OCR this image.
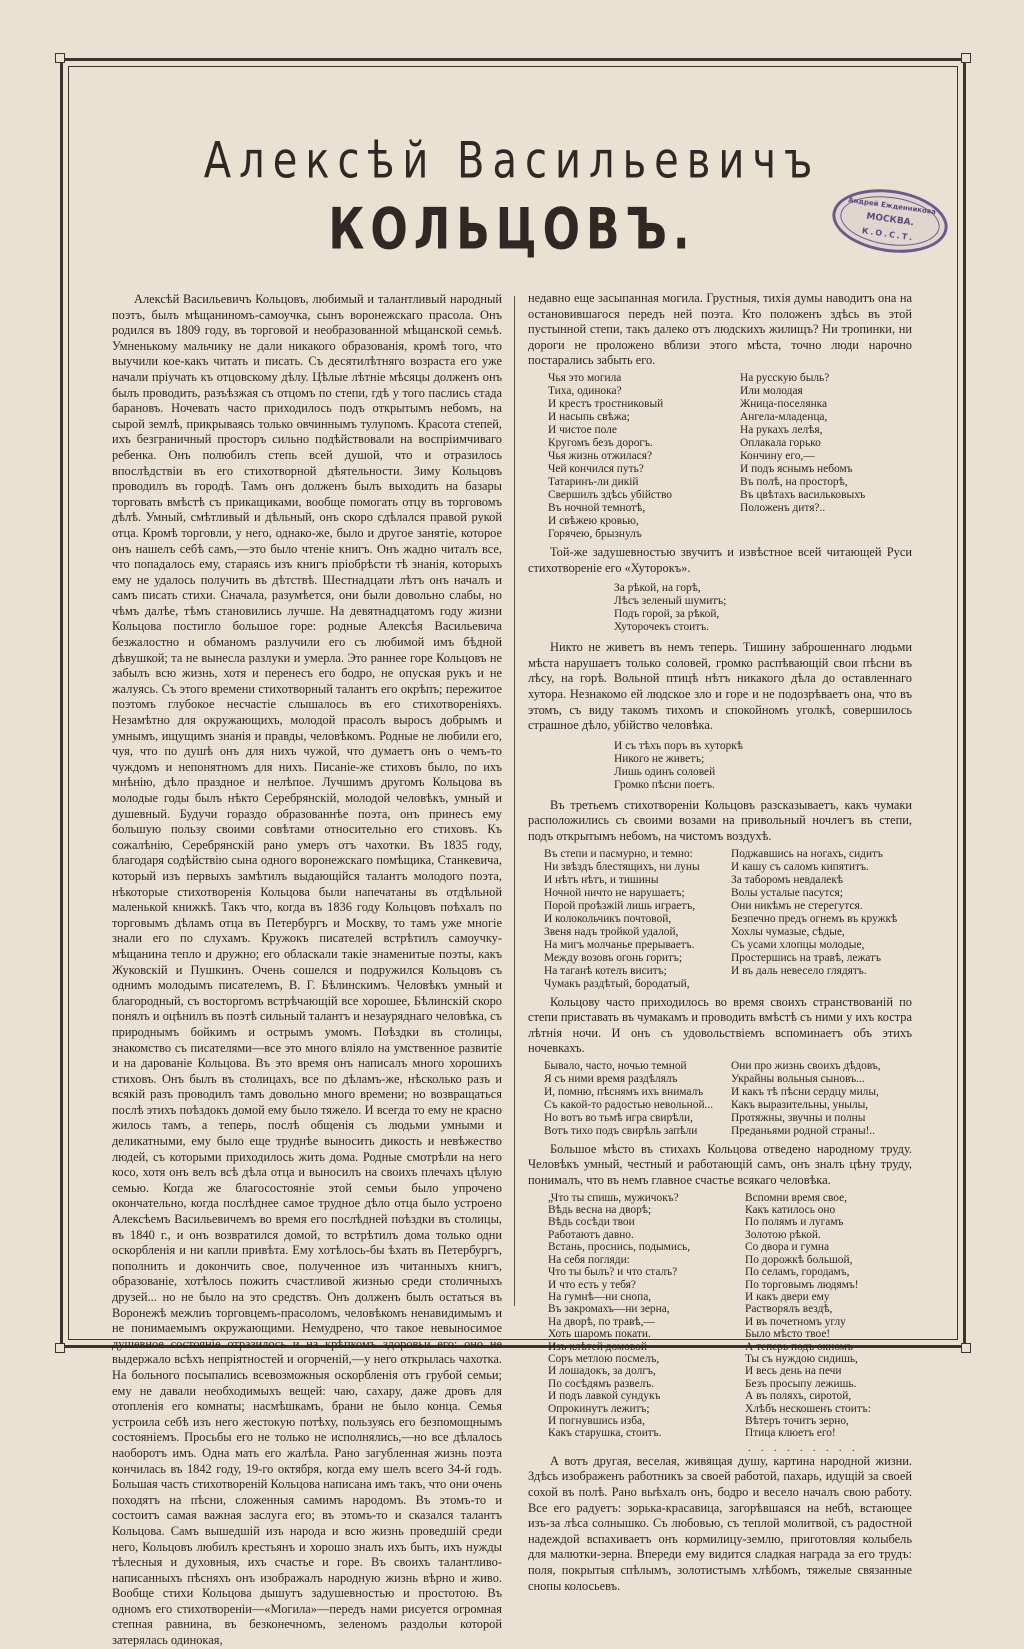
Алексѣй Васильевичъ
КОЛЬЦОВЪ.	Андрей Ежденникова
МОСКВА.
К.О.С.Т.

Алексѣй Васильевичъ Кольцовъ, любимый и талантливый народный поэтъ, былъ мѣщаниномъ-самоучка, сынъ воронежскаго прасола. Онъ родился въ 1809 году, въ торговой и необразованной мѣщанской семьѣ. Умненькому мальчику не дали никакого образованія, кромѣ того, что выучили кое-какъ читать и писать. Съ десятилѣтняго возраста его уже начали пріучать къ отцовскому дѣлу. Цѣлые лѣтніе мѣсяцы долженъ онъ былъ проводить, разъѣзжая съ отцомъ по степи, гдѣ у того паслись стада барановъ. Ночевать часто приходилось подъ открытымъ небомъ, на сырой землѣ, прикрываясь только овчиннымъ тулупомъ. Красота степей, ихъ безграничный просторъ сильно подѣйствовали на воспріимчиваго ребенка. Онъ полюбилъ степь всей душой, что и отразилось впослѣдствіи въ его стихотворной дѣятельности. Зиму Кольцовъ проводилъ въ городѣ. Тамъ онъ долженъ былъ выходить на базары торговать вмѣстѣ съ прикащиками, вообще помогать отцу въ торговомъ дѣлѣ. Умный, смѣтливый и дѣльный, онъ скоро сдѣлался правой рукой отца. Кромѣ торговли, у него, однако-же, было и другое занятіе, которое онъ нашелъ себѣ самъ,—это было чтеніе книгъ. Онъ жадно читалъ все, что попадалось ему, стараясь изъ книгъ пріобрѣсти тѣ знанія, которыхъ ему не удалось получить въ дѣтствѣ. Шестнадцати лѣтъ онъ началъ и самъ писать стихи. Сначала, разумѣется, они были довольно слабы, но чѣмъ далѣе, тѣмъ становились лучше. На девятнадцатомъ году жизни Кольцова постигло большое горе: родные Алексѣя Васильевича безжалостно и обманомъ разлучили его съ любимой имъ бѣдной дѣвушкой; та не вынесла разлуки и умерла. Это раннее горе Кольцовъ не забылъ всю жизнь, хотя и перенесъ его бодро, не опуская рукъ и не жалуясь. Съ этого времени стихотворный талантъ его окрѣпъ; пережитое поэтомъ глубокое несчастіе слышалось въ его стихотвореніяхъ. Незамѣтно для окружающихъ, молодой прасолъ выросъ добрымъ и умнымъ, ищущимъ знанія и правды, человѣкомъ. Родные не любили его, чуя, что по душѣ онъ для нихъ чужой, что думаетъ онъ о чемъ-то чуждомъ и непонятномъ для нихъ. Писаніе-же стиховъ было, по ихъ мнѣнію, дѣло праздное и нелѣпое. Лучшимъ другомъ Кольцова въ молодые годы былъ нѣкто Серебрянскій, молодой человѣкъ, умный и душевный. Будучи гораздо образованнѣе поэта, онъ принесъ ему большую пользу своими совѣтами относительно его стиховъ. Къ сожалѣнію, Серебрянскій рано умеръ отъ чахотки. Въ 1835 году, благодаря содѣйствію сына одного воронежскаго помѣщика, Станкевича, который изъ первыхъ замѣтилъ выдающійся талантъ молодого поэта, нѣкоторые стихотворенія Кольцова были напечатаны въ отдѣльной маленькой книжкѣ. Такъ что, когда въ 1836 году Кольцовъ поѣхалъ по торговымъ дѣламъ отца въ Петербургъ и Москву, то тамъ уже многіе знали его по слухамъ. Кружокъ писателей встрѣтилъ самоучку-мѣщанина тепло и дружно; его обласкали такіе знаменитые поэты, какъ Жуковскій и Пушкинъ. Очень сошелся и подружился Кольцовъ съ однимъ молодымъ писателемъ, В. Г. Бѣлинскимъ. Человѣкъ умный и благородный, съ восторгомъ встрѣчающій все хорошее, Бѣлинскій скоро понялъ и оцѣнилъ въ поэтѣ сильный талантъ и незауряднаго человѣка, съ природнымъ бойкимъ и острымъ умомъ. Поѣздки въ столицы, знакомство съ писателями—все это много вліяло на умственное развитіе и на дарованіе Кольцова. Въ это время онъ написалъ много хорошихъ стиховъ. Онъ былъ въ столицахъ, все по дѣламъ-же, нѣсколько разъ и всякій разъ проводилъ тамъ довольно много времени; но возвращаться послѣ этихъ поѣздокъ домой ему было тяжело. И всегда то ему не красно жилось тамъ, а теперь, послѣ общенія съ людьми умными и деликатными, ему было еще труднѣе выносить дикость и невѣжество людей, съ которыми приходилось жить дома. Родные смотрѣли на него косо, хотя онъ велъ всѣ дѣла отца и выносилъ на своихъ плечахъ цѣлую семью. Когда же благосостояніе этой семьи было упрочено окончательно, когда послѣднее самое трудное дѣло отца было устроено Алексѣемъ Васильевичемъ во время его послѣдней поѣздки въ столицы, въ 1840 г., и онъ возвратился домой, то встрѣтилъ дома только одни оскорбленія и ни капли привѣта. Ему хотѣлось-бы ѣхать въ Петербургъ, пополнить и докончить свое, полученное изъ читанныхъ книгъ, образованіе, хотѣлось пожить счастливой жизнью среди столичныхъ друзей... но не было на это средствъ. Онъ долженъ былъ остаться въ Воронежѣ межлиъ торговцемъ-прасоломъ, человѣкомъ ненавидимымъ и не понимаемымъ окружающими. Немудрено, что такое невыносимое душевное состояніе отразилось и на крѣпкомъ здоровьи его: оно не выдержало всѣхъ непріятностей и огорченій,—у него открылась чахотка. На больного посыпались всевозможныя оскорбленія отъ грубой семьи; ему не давали необходимыхъ вещей: чаю, сахару, даже дровъ для отопленія его комнаты; насмѣшкамъ, брани не было конца. Семья устроила себѣ изъ него жестокую потѣху, пользуясь его безпомощнымъ состояніемъ. Просьбы его не только не исполнялись,—но все дѣлалось наоборотъ имъ. Одна мать его жалѣла. Рано загубленная жизнь поэта кончилась въ 1842 году, 19-го октября, когда ему шелъ всего 34-й годъ. Большая часть стихотвореній Кольцова написана имъ такъ, что они очень походятъ на пѣсни, сложенныя самимъ народомъ. Въ этомъ-то и состоитъ самая важная заслуга его; въ этомъ-то и сказался талантъ Кольцова. Самъ вышедшій изъ народа и всю жизнь проведшій среди него, Кольцовъ любилъ крестьянъ и хорошо зналъ ихъ быть, ихъ нужды тѣлесныя и духовныя, ихъ счастье и горе. Въ своихъ талантливо-написанныхъ пѣсняхъ онъ изображалъ народную жизнь вѣрно и живо. Вообще стихи Кольцова дышутъ задушевностью и простотою. Въ одномъ его стихотвореніи—«Могила»—передъ нами рисуется огромная степная равнина, въ безконечномъ, зеленомъ раздольи которой затерялась одинокая,

недавно еще засыпанная могила. Грустныя, тихія думы наводитъ она на остановившагося передъ ней поэта. Кто положенъ здѣсь въ этой пустынной степи, такъ далеко отъ людскихъ жилищъ? Ни тропинки, ни дороги не проложено вблизи этого мѣста, точно люди нарочно постарались забыть его.

Чья это могила
Тиха, одинока?
И крестъ тростниковый
И насыпь свѣжа;
И чистое поле
Кругомъ безъ дорогъ.
Чья жизнь отжилася?
Чей кончился путь?
Татаринъ-ли дикій
Свершилъ здѣсь убійство
Въ ночной темнотѣ,
И свѣжею кровью,
Горячею, брызнулъ
На русскую быль?
Или молодая
Жница-поселянка
Ангела-младенца,
На рукахъ лелѣя,
Оплакала горько
Кончину его,—
И подъ яснымъ небомъ
Въ полѣ, на просторѣ,
Въ цвѣтахъ васильковыхъ
Положенъ дитя?..

Той-же задушевностью звучитъ и извѣстное всей читающей Руси стихотвореніе его «Хуторокъ».

За рѣкой, на горѣ,
Лѣсъ зеленый шумитъ;
Подъ горой, за рѣкой,
Хуторочекъ стоитъ.

Никто не живетъ въ немъ теперь. Тишину заброшеннаго людьми мѣста нарушаетъ только соловей, громко распѣвающій свои пѣсни въ лѣсу, на горѣ. Вольной птицѣ нѣтъ никакого дѣла до оставленнаго хутора. Незнакомо ей людское зло и горе и не подозрѣваетъ она, что въ этомъ, съ виду такомъ тихомъ и спокойномъ уголкѣ, совершилось страшное дѣло, убійство человѣка.

И съ тѣхъ поръ въ хуторкѣ
Никого не живетъ;
Лишь одинъ соловей
Громко пѣсни поетъ.

Въ третьемъ стихотвореніи Кольцовъ разсказываетъ, какъ чумаки расположились съ своими возами на привольный ночлегъ въ степи, подъ открытымъ небомъ, на чистомъ воздухѣ.

Въ степи и пасмурно, и темно:
Ни звѣздъ блестящихъ, ни луны
И нѣтъ нѣтъ, и тишины
Ночной ничто не нарушаетъ;
Порой проѣзжій лишь играетъ,
И колокольчикъ почтовой,
Звеня надъ тройкой удалой,
На мигъ молчанье прерываетъ.
Между возовъ огонь горитъ;
На таганѣ котелъ виситъ;
Чумакъ раздѣтый, бородатый,
Поджавшись на ногахъ, сидитъ
И кашу съ саломъ кипятитъ.
За таборомъ невдалекѣ
Волы усталые пасутся;
Они никѣмъ не стерегутся.
Безпечно предъ огнемъ въ кружкѣ
Хохлы чумазые, сѣдые,
Съ усами хлопцы молодые,
Простершись на травѣ, лежатъ
И въ даль невесело глядятъ.

Кольцову часто приходилось во время своихъ странствованій по степи приставать въ чумакамъ и проводить вмѣстѣ съ ними у ихъ костра лѣтнія ночи. И онъ съ удовольствіемъ вспоминаетъ объ этихъ ночевкахъ.

Бывало, часто, ночью темной
Я съ ними время раздѣлялъ
И, помню, пѣснямъ ихъ внималъ
Съ какой-то радостью невольной...
Но вотъ во тьмѣ игра свирѣли,
Вотъ тихо подъ свирѣль запѣли
Они про жизнь своихъ дѣдовъ,
Украйны вольныя сыновъ...
И какъ тѣ пѣсни сердцу милы,
Какъ выразительны, унылы,
Протяжны, звучны и полны
Преданьями родной страны!..

Большое мѣсто въ стихахъ Кольцова отведено народному труду. Человѣкъ умный, честный и работающій самъ, онъ зналъ цѣну труду, понималъ, что въ немъ главное счастье всякаго человѣка.

„Что ты спишь, мужичокъ?
Вѣдь весна на дворѣ;
Вѣдь сосѣди твои
Работаютъ давно.
Встань, проснись, подымись,
На себя погляди:
Что ты былъ? и что сталъ?
И что есть у тебя?
На гумнѣ—ни снопа,
Въ закромахъ—ни зерна,
На дворѣ, по травѣ,—
Хоть шаромъ покати.
Изъ клѣтей домовой
Соръ метлою посмелъ,
И лошадокъ, за долгъ,
По сосѣдямъ развелъ.
И подъ лавкой сундукъ
Опрокинутъ лежитъ;
И погнувшись изба,
Какъ старушка, стоитъ.
Вспомни время свое,
Какъ катилось оно
По полямъ и лугамъ
Золотою рѣкой.
Со двора и гумна
По дорожкѣ большой,
По селамъ, городамъ,
По торговымъ людямъ!
И какъ двери ему
Растворялъ вездѣ,
И въ почетномъ углу
Было мѣсто твое!
А теперь подъ окномъ
Ты съ нуждою сидишь,
И весь день на печи
Безъ просыпу лежишь.
А въ поляхъ, сиротой,
Хлѣбъ нескошенъ стоитъ:
Вѣтеръ точитъ зерно,
Птица клюетъ его!
. . . . . . . . .

А вотъ другая, веселая, живящая душу, картина народной жизни. Здѣсь изображенъ работникъ за своей работой, пахарь, идущій за своей сохой въ полѣ. Рано выѣхалъ онъ, бодро и весело началъ свою работу. Все его радуетъ: зорька-красавица, загорѣвшаяся на небѣ, встающее изъ-за лѣса солнышко. Съ любовью, съ теплой молитвой, съ радостной надеждой вспахиваетъ онъ кормилицу-землю, приготовляя колыбель для малютки-зерна. Впереди ему видится сладкая награда за его трудъ: поля, покрытыя спѣлымъ, золотистымъ хлѣбомъ, тяжелые связанные снопы колосьевъ.
